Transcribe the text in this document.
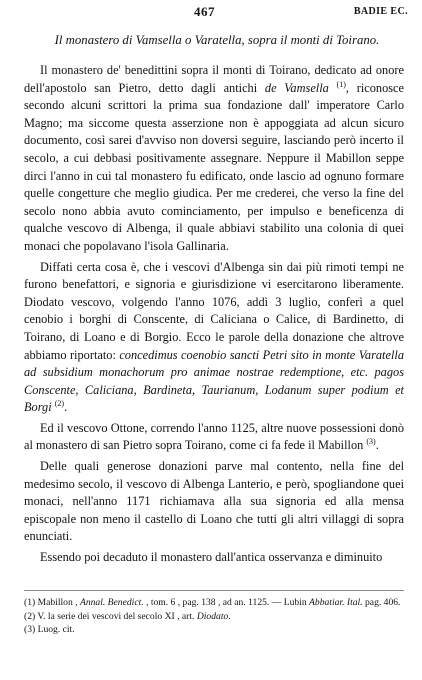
467	BADIE EC.
Il monastero di Vamsella o Varatella, sopra il monti di Toirano.

Il monastero de' benedittini sopra il monti di Toirano, dedicato ad onore dell'apostolo san Pietro, detto dagli antichi de Vamsella $^{(1)}$, riconosce secondo alcuni scrittori la prima sua fondazione dall' imperatore Carlo Magno; ma siccome questa asserzione non è appoggiata ad alcun sicuro documento, così sarei d'avviso non doversi seguire, lasciando però incerto il secolo, a cui debbasi positivamente assegnare. Neppure il Mabillon seppe dirci l'anno in cui tal monastero fu edificato, onde lascio ad ognuno formare quelle congetture che meglio giudica. Per me crederei, che verso la fine del secolo nono abbia avuto cominciamento, per impulso e beneficenza di qualche vescovo di Albenga, il quale abbiavi stabilito una colonia di quei monaci che popolavano l'isola Gallinaria.

Diffati certa cosa è, che i vescovi d'Albenga sin dai più rimoti tempi ne furono benefattori, e signoria e giurisdizione vi esercitarono liberamente. Diodato vescovo, volgendo l'anno 1076, addì 3 luglio, conferì a quel cenobio i borghi di Conscente, di Caliciana o Calice, di Bardinetto, di Toirano, di Loano e di Borgio. Ecco le parole della donazione che altrove abbiamo riportato: concedimus coenobio sancti Petri sito in monte Varatella ad subsidium monachorum pro animae nostrae redemptione, etc. pagos Conscente, Caliciana, Bardineta, Taurianum, Lodanum super podium et Borgi $^{(2)}$.

Ed il vescovo Ottone, correndo l'anno 1125, altre nuove possessioni donò al monastero di san Pietro sopra Toirano, come ci fa fede il Mabillon $^{(3)}$.

Delle quali generose donazioni parve mal contento, nella fine del medesimo secolo, il vescovo di Albenga Lanterio, e però, spogliandone quei monaci, nell'anno 1171 richiamava alla sua signoria ed alla mensa episcopale non meno il castello di Loano che tutti gli altri villaggi di sopra enunciati.

Essendo poi decaduto il monastero dall'antica osservanza e diminuito

(1) Mabillon , Annal. Benedict. , tom. 6 , pag. 138 , ad an. 1125. — Lubin Abbatiar. Ital. pag. 406.
(2) V. la serie dei vescovi del secolo XI , art. Diodato.
(3) Luog. cit.
